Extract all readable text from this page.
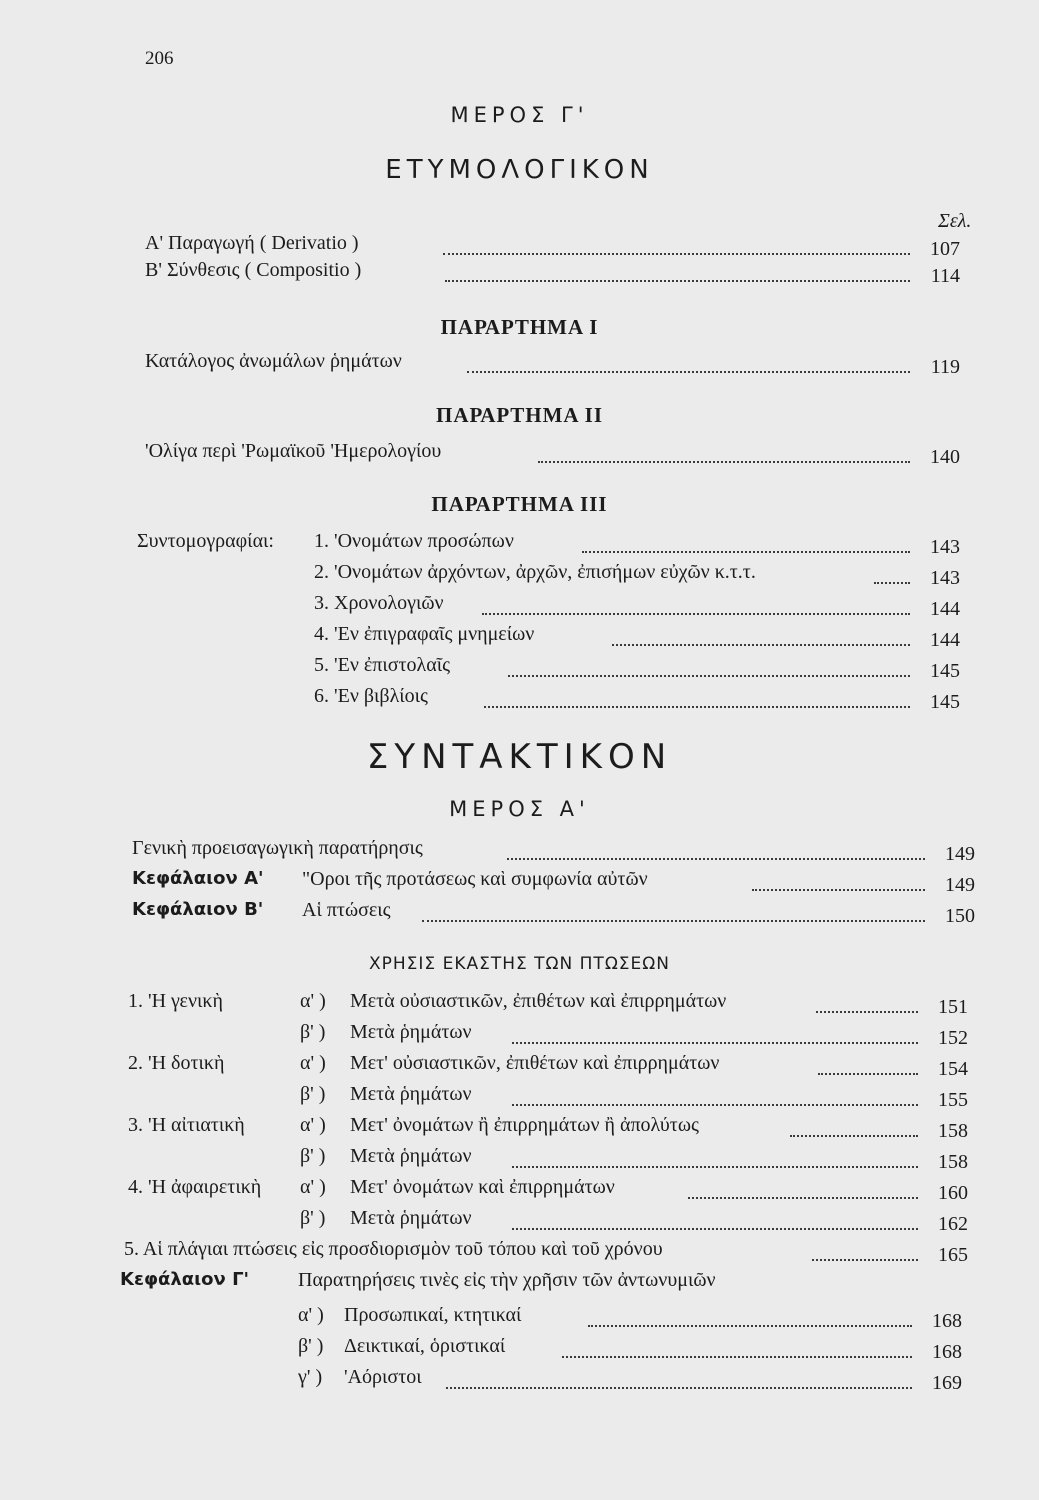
206
ΜΕΡΟΣ Γ'
ΕΤΥΜΟΛΟΓΙΚΟΝ
Σελ.
Α' Παραγωγή ( Derivatio )	107
Β' Σύνθεσις ( Compositio )	114
ΠΑΡΑΡΤΗΜΑ Ι
Κατάλογος ἀνωμάλων ῥημάτων	119
ΠΑΡΑΡΤΗΜΑ ΙΙ
'Ολίγα περὶ 'Ρωμαϊκοῦ 'Ημερολογίου	140
ΠΑΡΑΡΤΗΜΑ ΙΙΙ
Συντομογραφίαι: 1. 'Ονομάτων προσώπων	143
2. 'Ονομάτων ἀρχόντων, ἀρχῶν, ἐπισήμων εὐχῶν κ.τ.τ.	143
3. Χρονολογιῶν	144
4. 'Εν ἐπιγραφαῖς μνημείων	144
5. 'Εν ἐπιστολαῖς	145
6. 'Εν βιβλίοις	145
ΣΥΝΤΑΚΤΙΚΟΝ
ΜΕΡΟΣ Α'
Γενικὴ προεισαγωγικὴ παρατήρησις	149
Κεφάλαιον Α' "Οροι τῆς προτάσεως καὶ συμφωνία αὐτῶν	149
Κεφάλαιον Β' Αἱ πτώσεις	150
ΧΡΗΣΙΣ ΕΚΑΣΤΗΣ ΤΩΝ ΠΤΩΣΕΩΝ
1. 'Η γενικὴ	α' ) Μετὰ οὐσιαστικῶν, ἐπιθέτων καὶ ἐπιρρημάτων	151
β' ) Μετὰ ῥημάτων	152
2. 'Η δοτικὴ	α' ) Μετ' οὐσιαστικῶν, ἐπιθέτων καὶ ἐπιρρημάτων	154
β' ) Μετὰ ῥημάτων	155
3. 'Η αἰτιατικὴ	α' ) Μετ' ὀνομάτων ἢ ἐπιρρημάτων ἢ ἀπολύτως	158
β' ) Μετὰ ῥημάτων	158
4. 'Η ἀφαιρετικὴ α' ) Μετ' ὀνομάτων καὶ ἐπιρρημάτων	160
β' ) Μετὰ ῥημάτων	162
5. Αἱ πλάγιαι πτώσεις εἰς προσδιορισμὸν τοῦ τόπου καὶ τοῦ χρόνου	165
Κεφάλαιον Γ' Παρατηρήσεις τινὲς εἰς τὴν χρῆσιν τῶν ἀντωνυμιῶν
α' ) Προσωπικαί, κτητικαί	168
β' ) Δεικτικαί, ὁριστικαί	168
γ' ) 'Αόριστοι	169
